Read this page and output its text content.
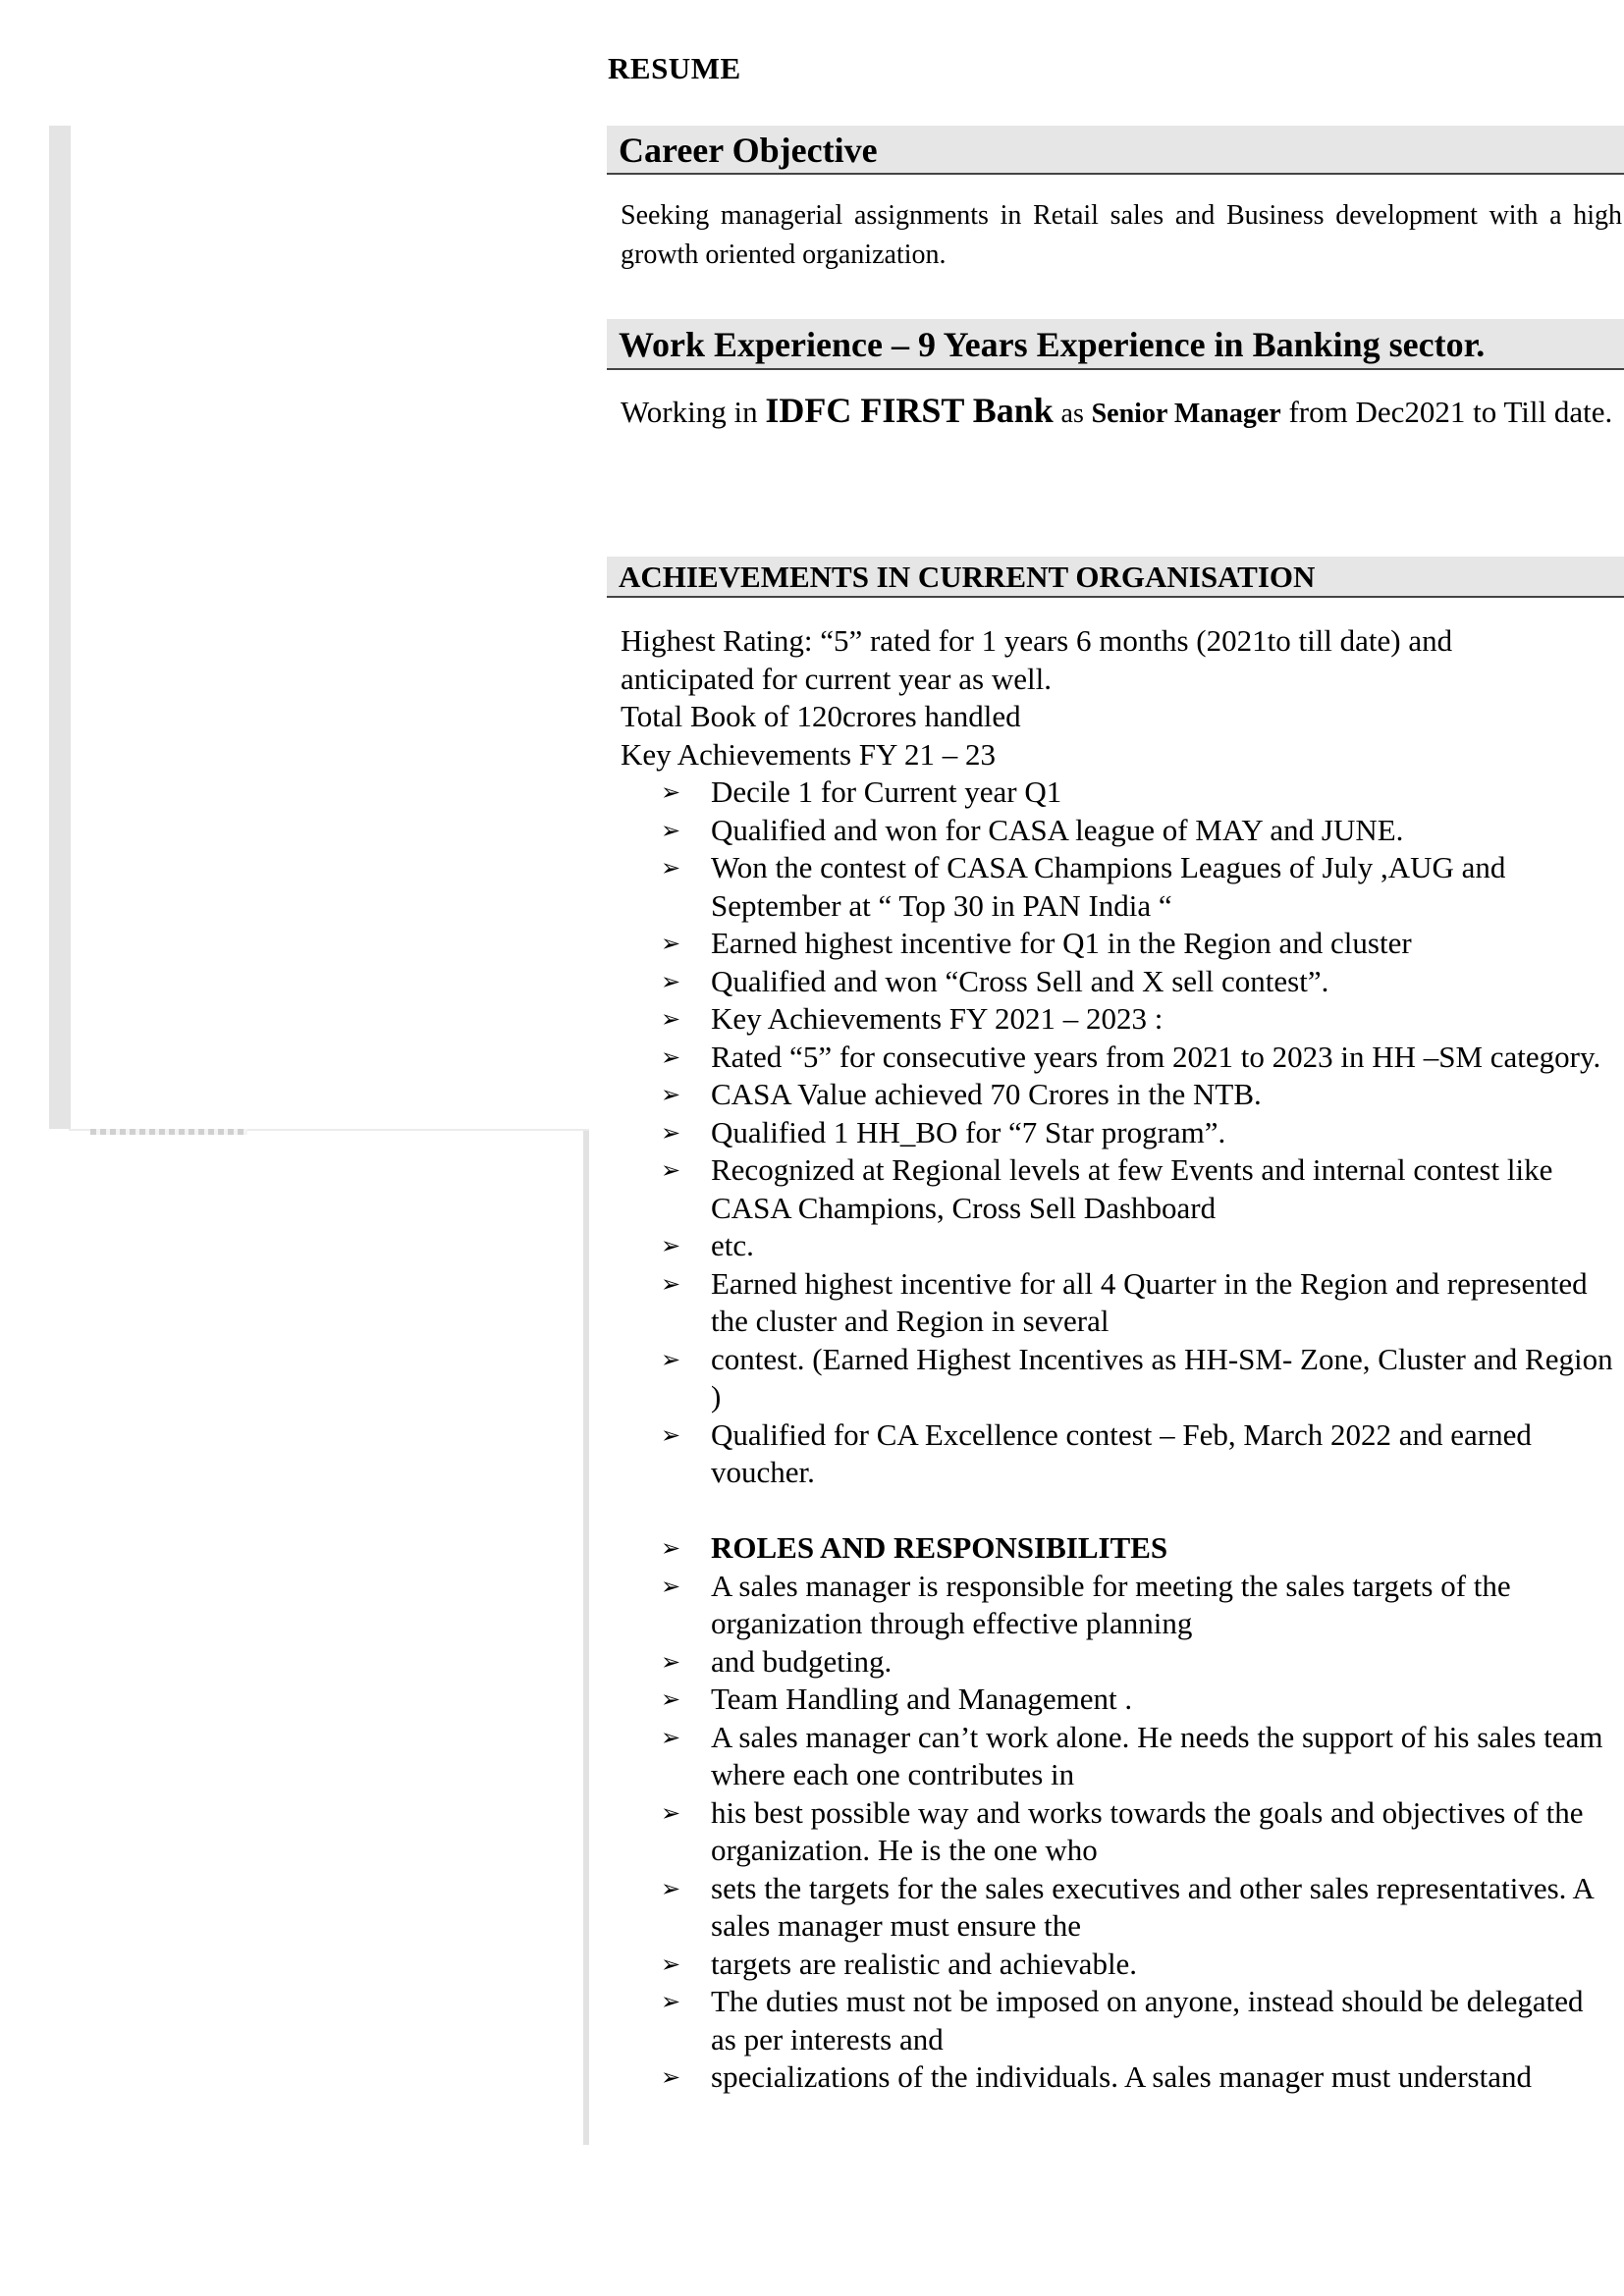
RESUME
Career Objective
Seeking managerial assignments in Retail sales and Business development with a high growth oriented organization.
Work Experience – 9 Years Experience in Banking sector.
Working in IDFC FIRST Bank as Senior Manager from Dec2021 to Till date.
ACHIEVEMENTS IN CURRENT ORGANISATION
Highest Rating: “5” rated for 1 years 6 months (2021to till date) and
anticipated for current year as well.
Total Book of 120crores handled
Key Achievements FY 21 – 23
➢ Decile 1 for Current year Q1
➢ Qualified and won for CASA league of MAY and JUNE.
➢ Won the contest of CASA Champions Leagues of July ,AUG and September at “ Top 30 in PAN India “
➢ Earned highest incentive for Q1 in the Region and cluster
➢ Qualified and won “Cross Sell and X sell contest”.
➢ Key Achievements FY 2021 – 2023 :
➢ Rated “5” for consecutive years from 2021 to 2023 in HH –SM category.
➢ CASA Value achieved 70 Crores in the NTB.
➢ Qualified 1 HH_BO for “7 Star program”.
➢ Recognized at Regional levels at few Events and internal contest like CASA Champions, Cross Sell Dashboard
➢ etc.
➢ Earned highest incentive for all 4 Quarter in the Region and represented the cluster and Region in several
➢ contest. (Earned Highest Incentives as HH-SM- Zone, Cluster and Region )
➢ Qualified for CA Excellence contest – Feb, March 2022 and earned voucher.
➢ ROLES AND RESPONSIBILITES
➢ A sales manager is responsible for meeting the sales targets of the organization through effective planning
➢ and budgeting.
➢ Team Handling and Management .
➢ A sales manager can’t work alone. He needs the support of his sales team where each one contributes in
➢ his best possible way and works towards the goals and objectives of the organization. He is the one who
➢ sets the targets for the sales executives and other sales representatives. A sales manager must ensure the
➢ targets are realistic and achievable.
➢ The duties must not be imposed on anyone, instead should be delegated as per interests and
➢ specializations of the individuals. A sales manager must understand
